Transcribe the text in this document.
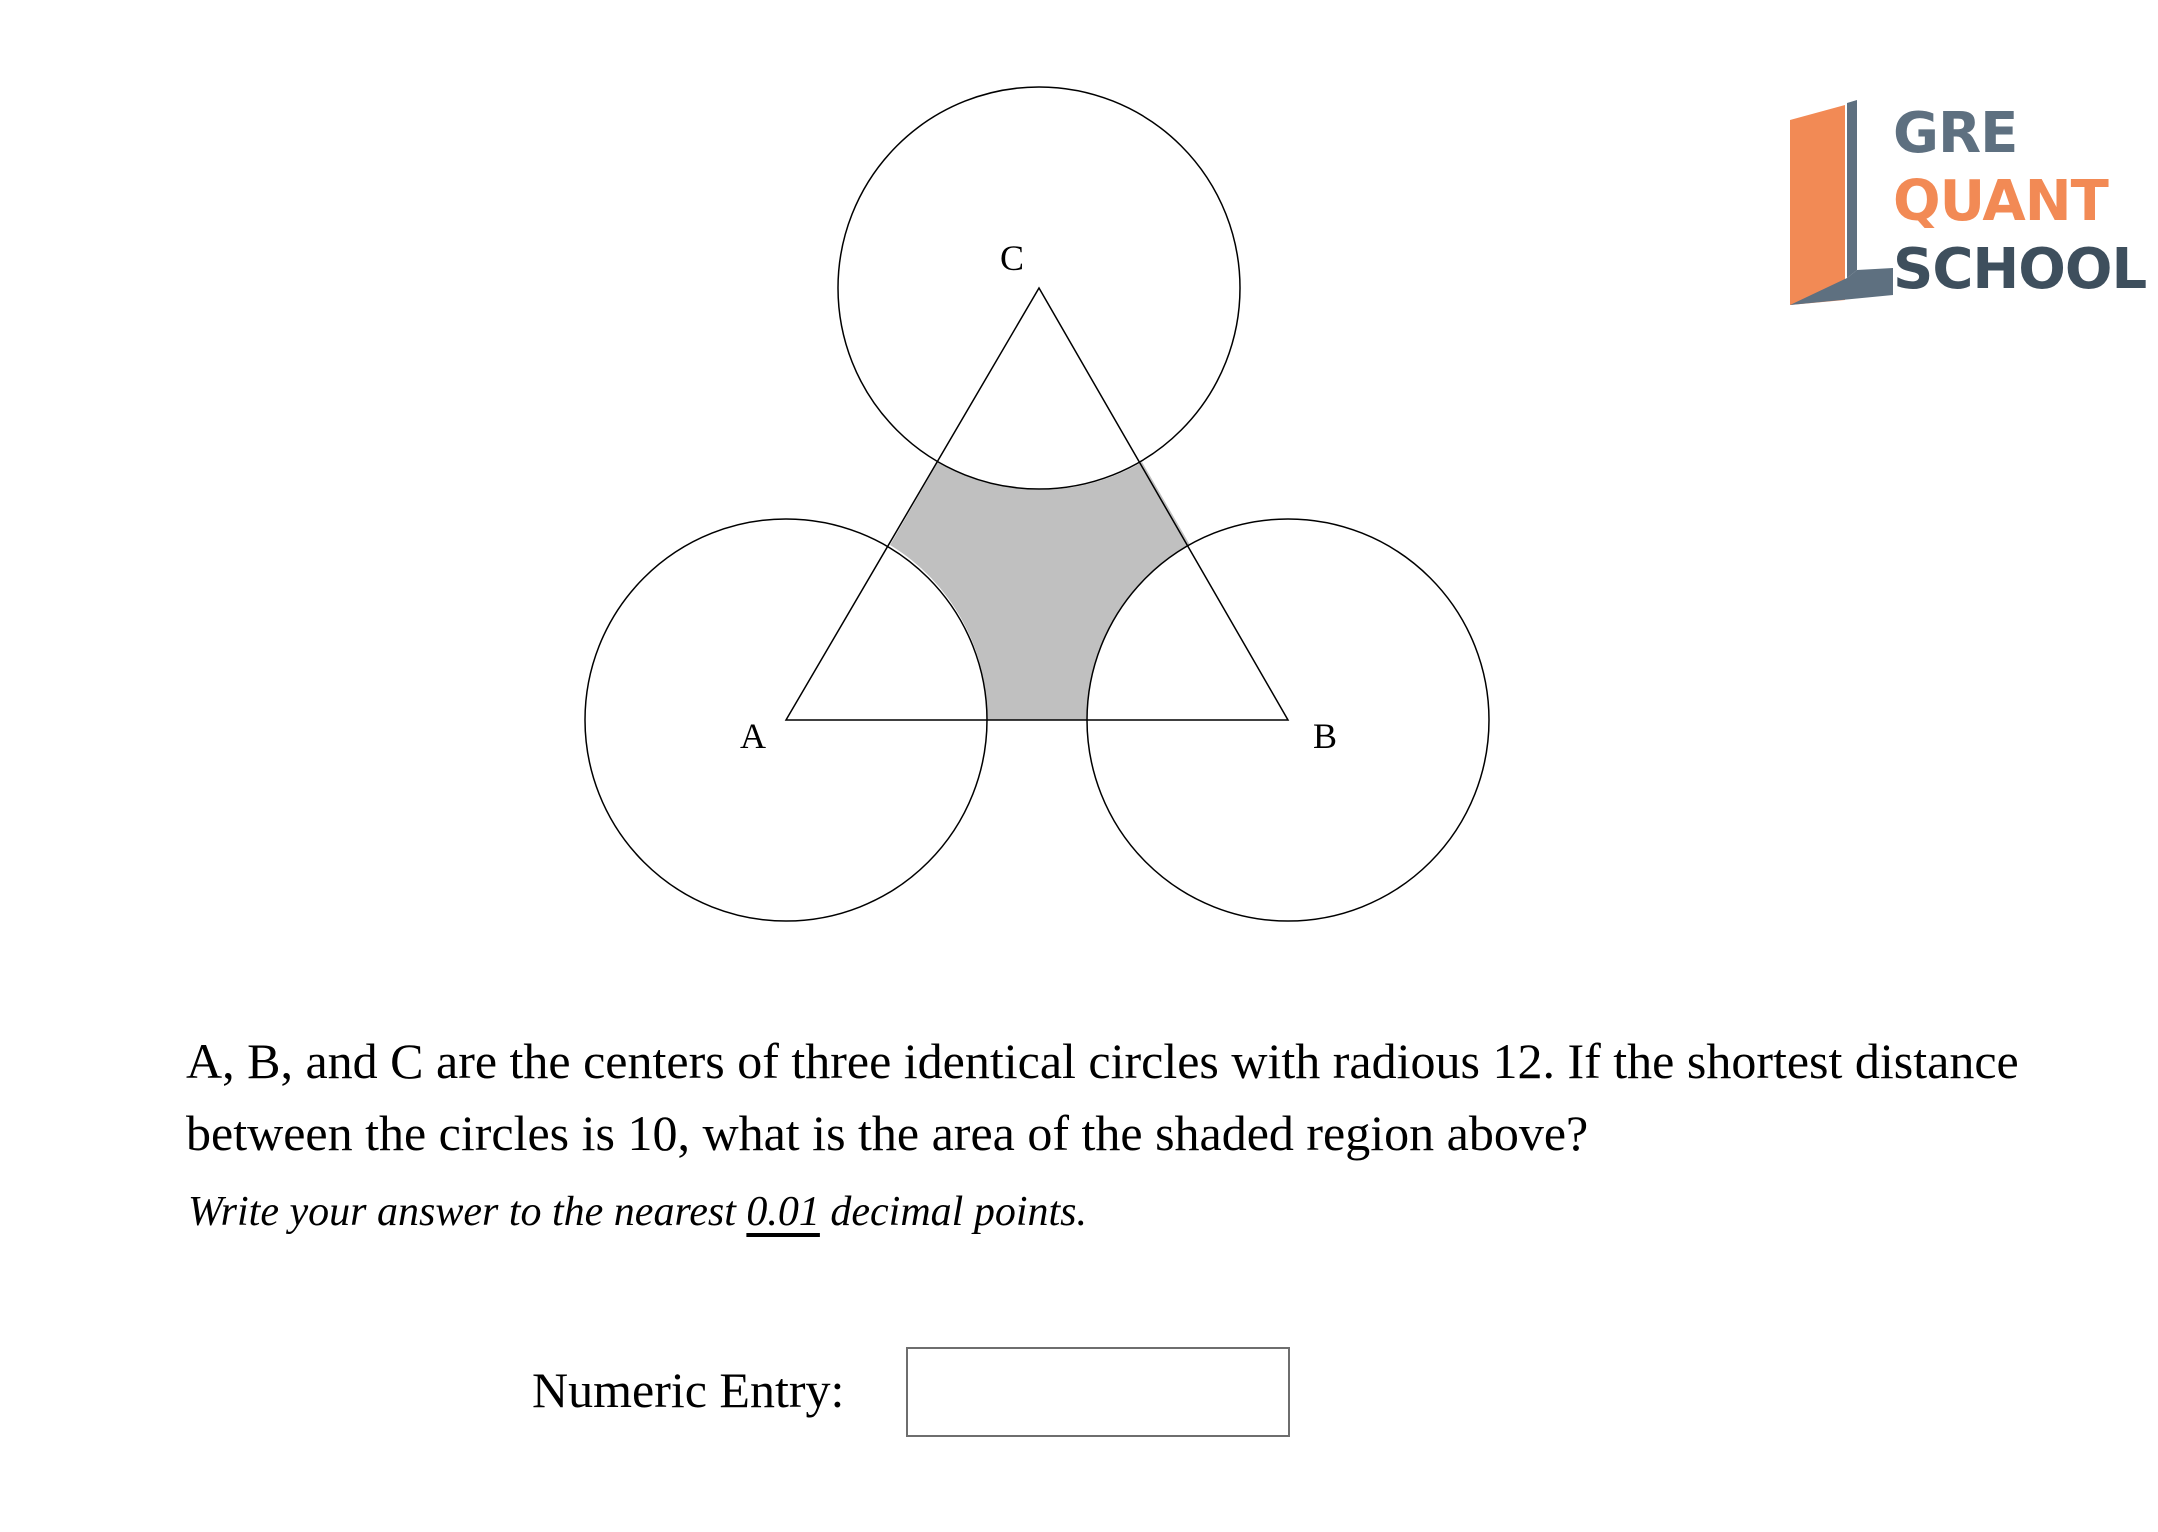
A	B
C
GRE
QUANT
SCHOOL

A, B, and C are the centers of three identical circles with radious 12. If the shortest distance between the circles is 10, what is the area of the shaded region above?

Write your answer to the nearest 0.01 decimal points.

Numeric Entry:
